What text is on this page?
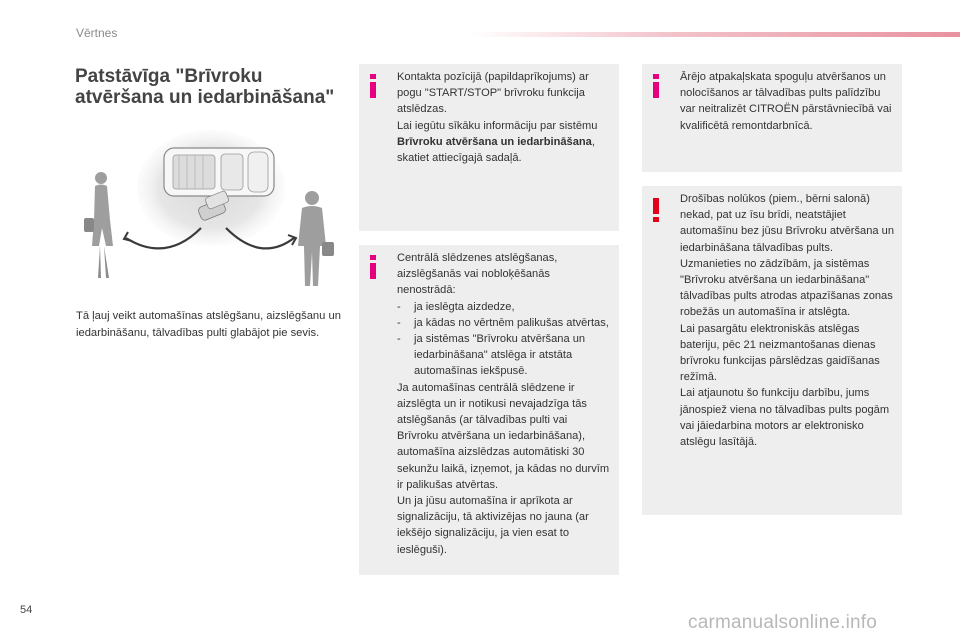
Vērtnes
Patstāvīga "Brīvroku atvēršana un iedarbināšana"
Tā ļauj veikt automašīnas atslēgšanu, aizslēgšanu un iedarbināšanu, tālvadības pulti glabājot pie sevis.

Kontakta pozīcijā (papildaprīkojums) ar pogu "START/STOP" brīvroku funkcija atslēdzas.

Lai iegūtu sīkāku informāciju par sistēmu Brīvroku atvēršana un iedarbināšana, skatiet attiecīgajā sadaļā.

Centrālā slēdzenes atslēgšanas, aizslēgšanās vai nobloķēšanās nenostrādā:

-	ja ieslēgta aizdedze,
-	ja kādas no vērtnēm palikušas atvērtas,
-	ja sistēmas "Brīvroku atvēršana un iedarbināšana" atslēga ir atstāta automašīnas iekšpusē.

Ja automašīnas centrālā slēdzene ir aizslēgta un ir notikusi nevajadzīga tās atslēgšanās (ar tālvadības pulti vai Brīvroku atvēršana un iedarbināšana), automašīna aizslēdzas automātiski 30 sekunžu laikā, izņemot, ja kādas no durvīm ir palikušas atvērtas.

Un ja jūsu automašīna ir aprīkota ar signalizāciju, tā aktivizējas no jauna (ar iekšējo signalizāciju, ja vien esat to ieslēguši).

Ārējo atpakaļskata spoguļu atvēršanos un nolocīšanos ar tālvadības pults palīdzību var neitralizēt CITROËN pārstāvniecībā vai kvalificētā remontdarbnīcā.

Drošības nolūkos (piem., bērni salonā) nekad, pat uz īsu brīdi, neatstājiet automašīnu bez jūsu Brīvroku atvēršana un iedarbināšana tālvadības pults.

Uzmanieties no zādzībām, ja sistēmas "Brīvroku atvēršana un iedarbināšana" tālvadības pults atrodas atpazīšanas zonas robežās un automašīna ir atslēgta.

Lai pasargātu elektroniskās atslēgas bateriju, pēc 21 neizmantošanas dienas brīvroku funkcijas pārslēdzas gaidīšanas režīmā.

Lai atjaunotu šo funkciju darbību, jums jānospiež viena no tālvadības pults pogām vai jāiedarbina motors ar elektronisko atslēgu lasītājā.

54
carmanualsonline.info
